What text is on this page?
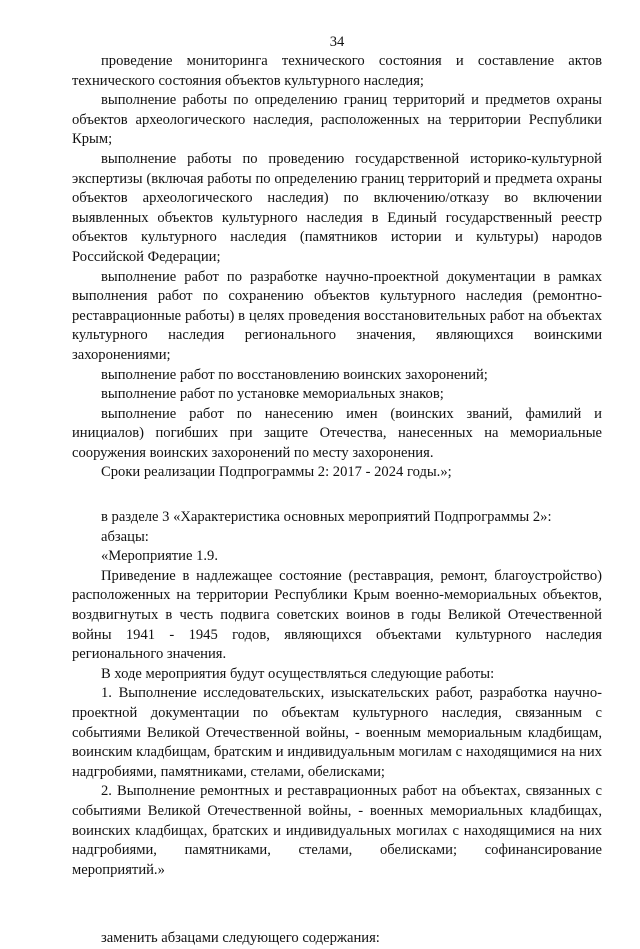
34

проведение мониторинга технического состояния и составление актов технического состояния объектов культурного наследия;

выполнение работы по определению границ территорий и предметов охраны объектов археологического наследия, расположенных на территории Республики Крым;

выполнение работы по проведению государственной историко-культурной экспертизы (включая работы по определению границ территорий и предмета охраны объектов археологического наследия) по включению/отказу во включении выявленных объектов культурного наследия в Единый государственный реестр объектов культурного наследия (памятников истории и культуры) народов Российской Федерации;

выполнение работ по разработке научно-проектной документации в рамках выполнения работ по сохранению объектов культурного наследия (ремонтно-реставрационные работы) в целях проведения восстановительных работ на объектах культурного наследия регионального значения, являющихся воинскими захоронениями;

выполнение работ по восстановлению воинских захоронений;

выполнение работ по установке мемориальных знаков;

выполнение работ по нанесению имен (воинских званий, фамилий и инициалов) погибших при защите Отечества, нанесенных на мемориальные сооружения воинских захоронений по месту захоронения.

Сроки реализации Подпрограммы 2: 2017 - 2024 годы.»;

в разделе 3 «Характеристика основных мероприятий Подпрограммы 2»:

абзацы:

«Мероприятие 1.9.

Приведение в надлежащее состояние (реставрация, ремонт, благоустройство) расположенных на территории Республики Крым военно-мемориальных объектов, воздвигнутых в честь подвига советских воинов в годы Великой Отечественной войны 1941 - 1945 годов, являющихся объектами культурного наследия регионального значения.

В ходе мероприятия будут осуществляться следующие работы:

1. Выполнение исследовательских, изыскательских работ, разработка научно-проектной документации по объектам культурного наследия, связанным с событиями Великой Отечественной войны, - военным мемориальным кладбищам, воинским кладбищам, братским и индивидуальным могилам с находящимися на них надгробиями, памятниками, стелами, обелисками;

2. Выполнение ремонтных и реставрационных работ на объектах, связанных с событиями Великой Отечественной войны, - военных мемориальных кладбищах, воинских кладбищах, братских и индивидуальных могилах с находящимися на них надгробиями, памятниками, стелами, обелисками; софинансирование мероприятий.»

заменить абзацами следующего содержания:
